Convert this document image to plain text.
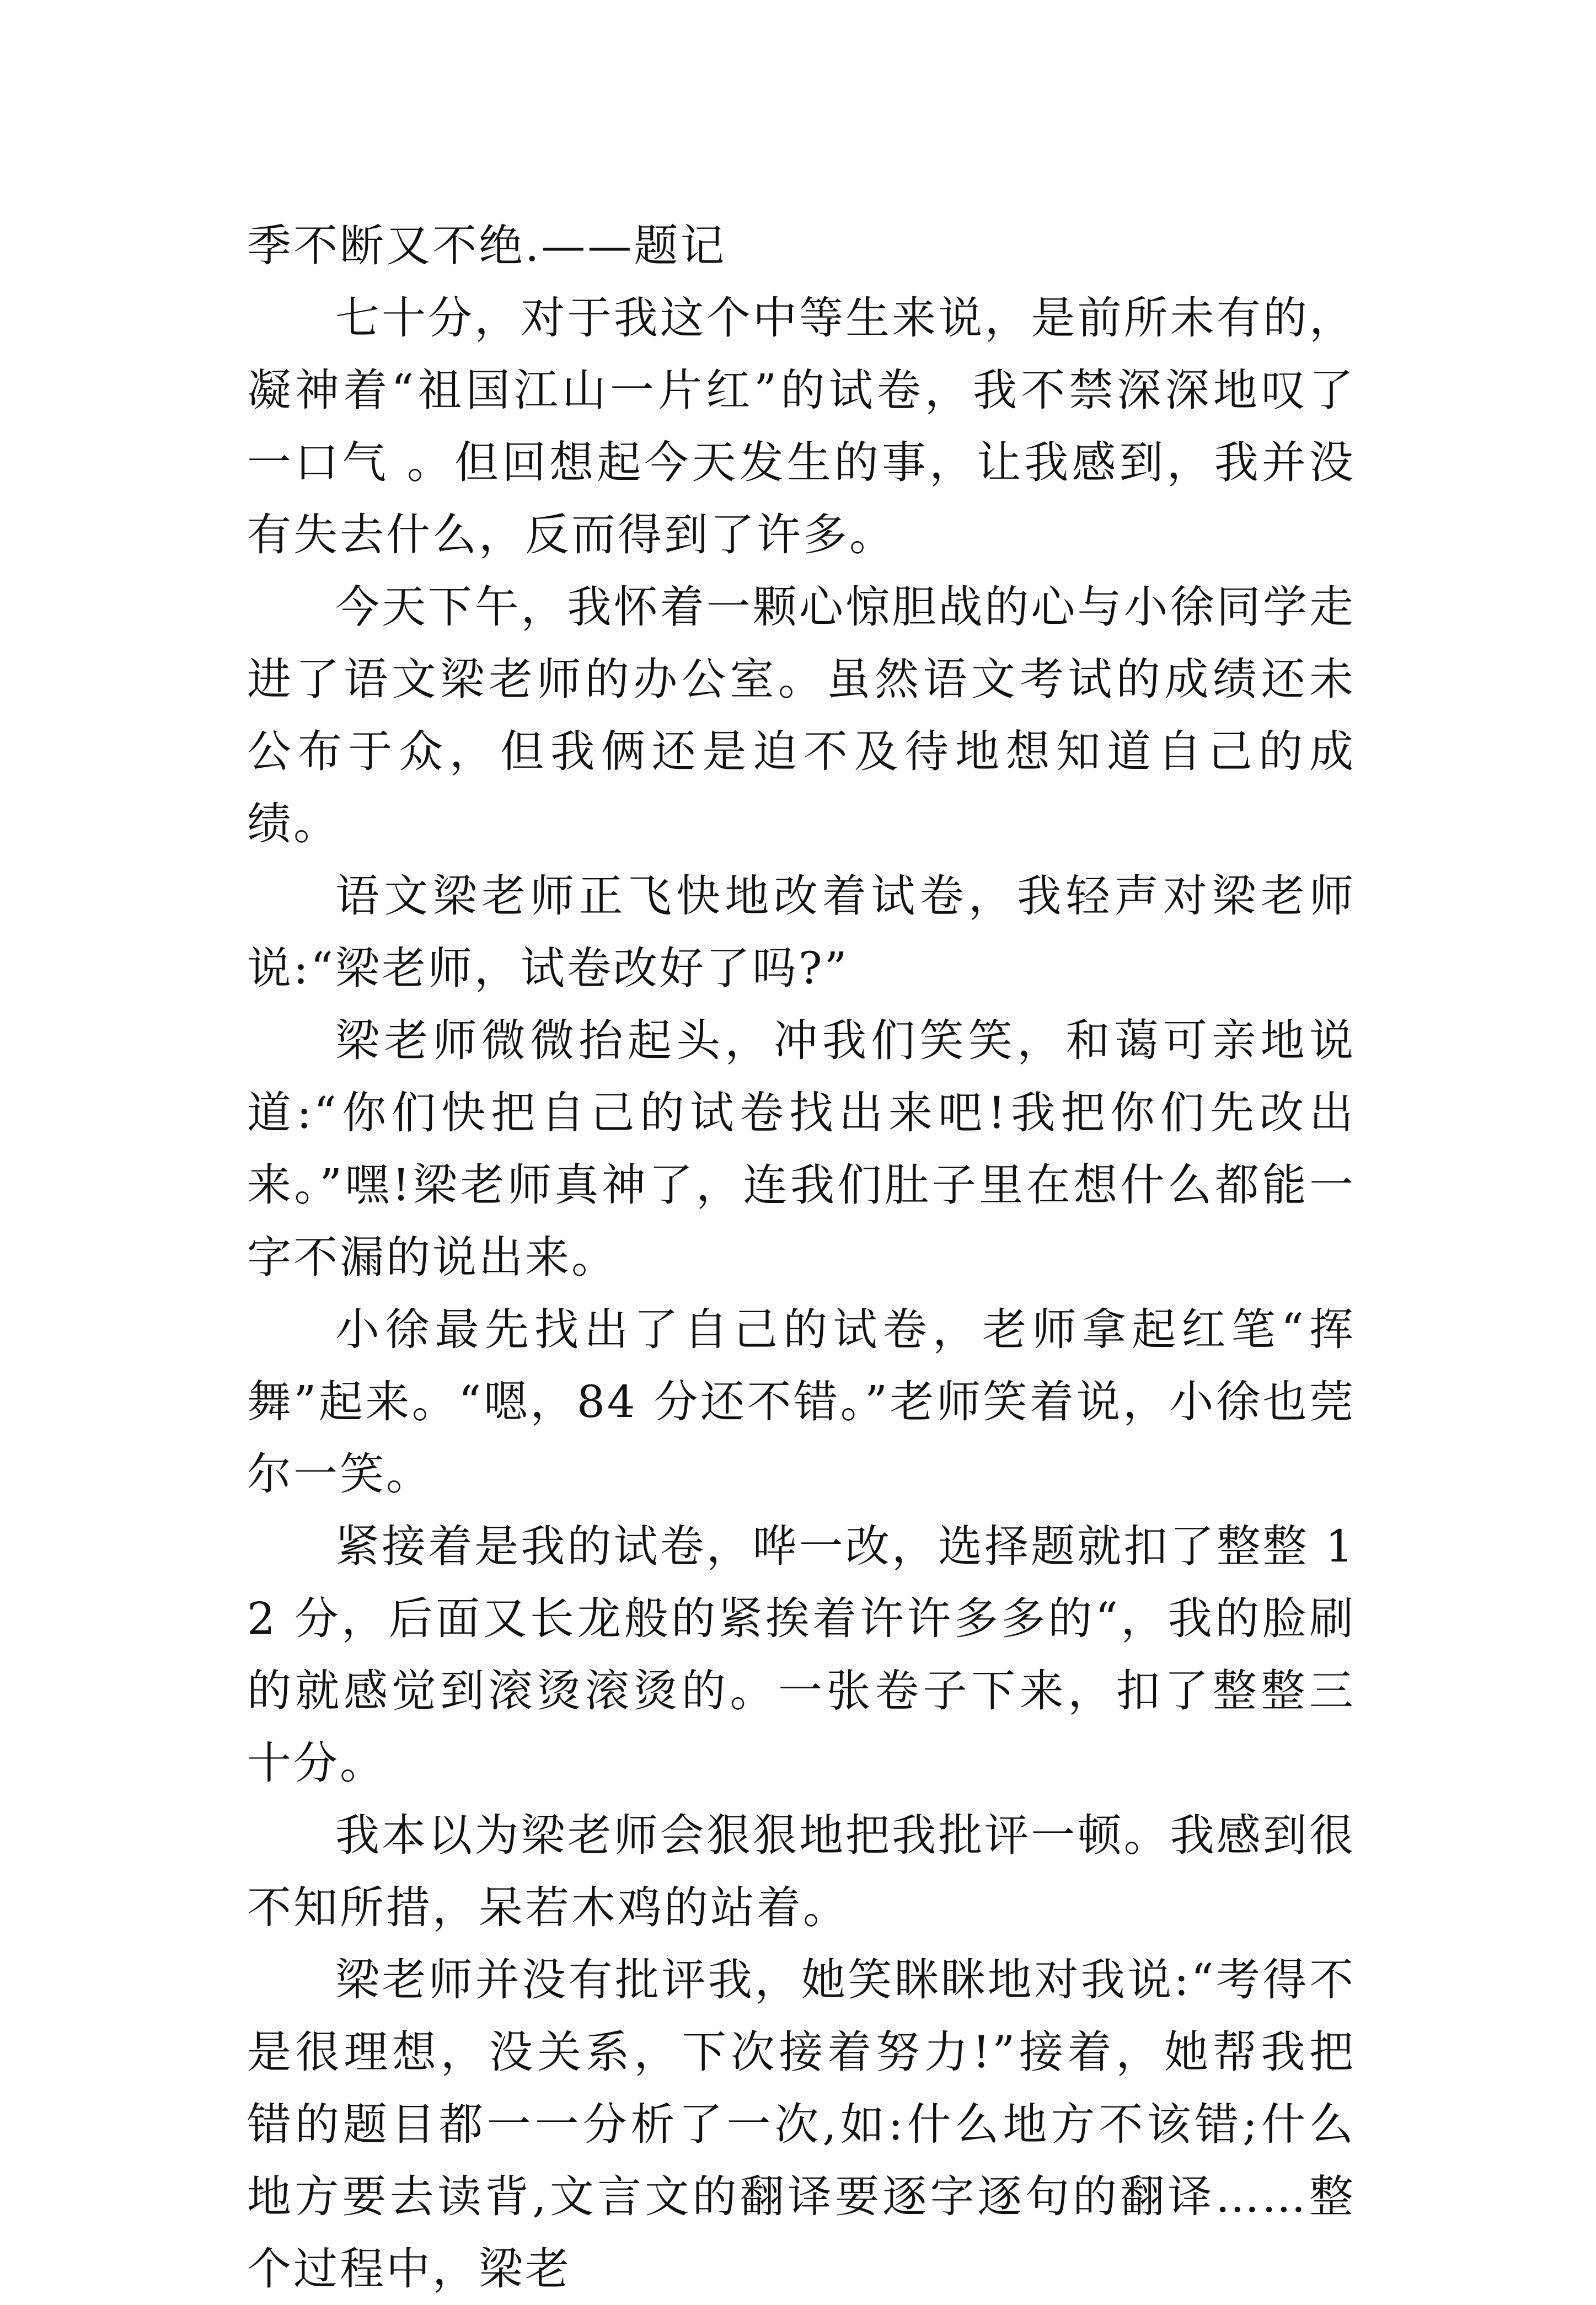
季不断又不绝.——题记

七十分，对于我这个中等生来说，是前所未有的，凝神着“祖国江山一片红”的试卷，我不禁深深地叹了一口气 。但回想起今天发生的事，让我感到，我并没有失去什么，反而得到了许多。

今天下午，我怀着一颗心惊胆战的心与小徐同学走进了语文梁老师的办公室。虽然语文考试的成绩还未公布于众，但我俩还是迫不及待地想知道自己的成绩。

语文梁老师正飞快地改着试卷，我轻声对梁老师说:“梁老师，试卷改好了吗?”

梁老师微微抬起头，冲我们笑笑，和蔼可亲地说道:“你们快把自己的试卷找出来吧!我把你们先改出来。”嘿!梁老师真神了，连我们肚子里在想什么都能一字不漏的说出来。

小徐最先找出了自己的试卷，老师拿起红笔“挥舞”起来。“嗯，84 分还不错。”老师笑着说，小徐也莞尔一笑。

紧接着是我的试卷，哗一改，选择题就扣了整整 12 分，后面又长龙般的紧挨着许许多多的“，我的脸刷的就感觉到滚烫滚烫的。一张卷子下来，扣了整整三十分。

我本以为梁老师会狠狠地把我批评一顿。我感到很不知所措，呆若木鸡的站着。

梁老师并没有批评我，她笑眯眯地对我说:“考得不是很理想，没关系，下次接着努力!”接着，她帮我把错的题目都一一分析了一次,如:什么地方不该错;什么地方要去读背,文言文的翻译要逐字逐句的翻译……整个过程中，梁老
